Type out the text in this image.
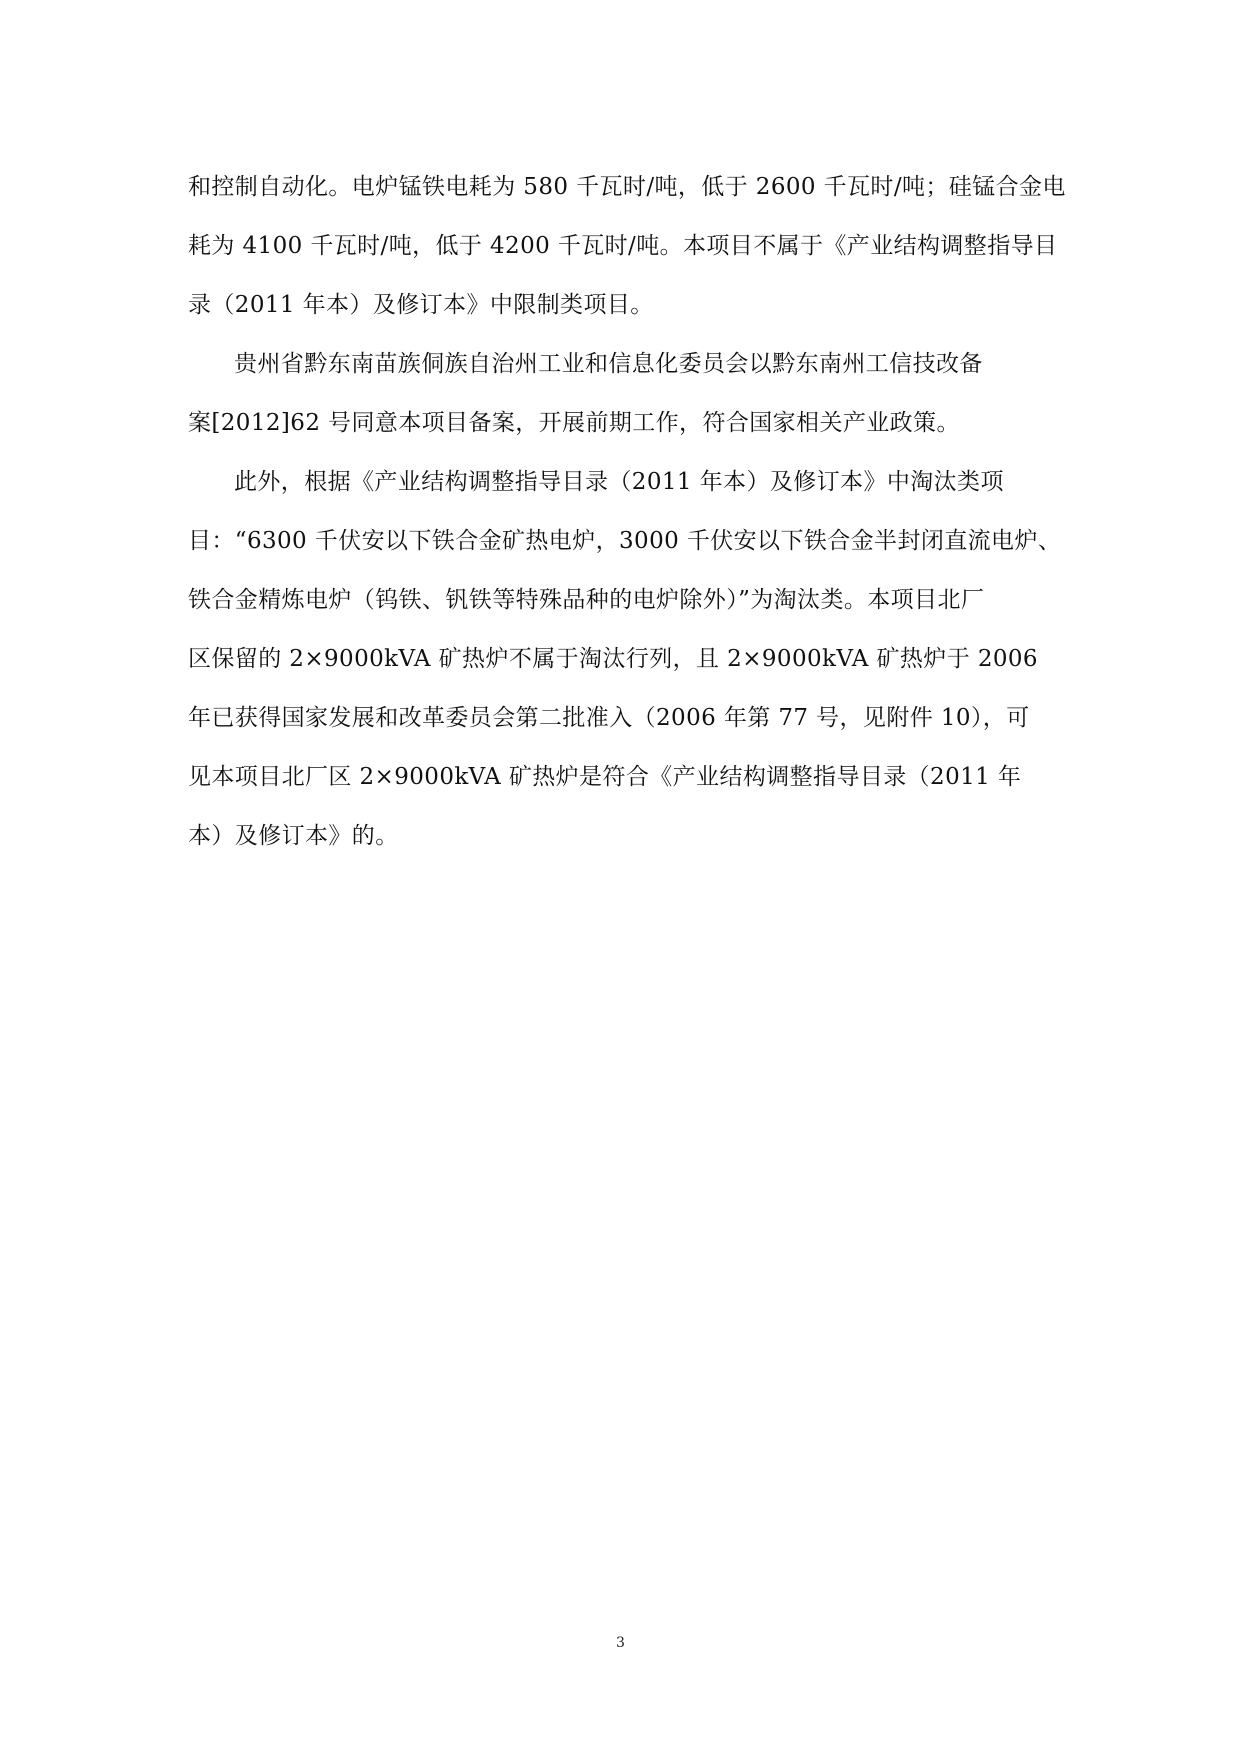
和控制自动化。电炉锰铁电耗为 580 千瓦时/吨，低于 2600 千瓦时/吨；硅锰合金电
耗为 4100 千瓦时/吨，低于 4200 千瓦时/吨。本项目不属于《产业结构调整指导目
录（2011 年本）及修订本》中限制类项目。

贵州省黔东南苗族侗族自治州工业和信息化委员会以黔东南州工信技改备
案[2012]62 号同意本项目备案，开展前期工作，符合国家相关产业政策。

此外，根据《产业结构调整指导目录（2011 年本）及修订本》中淘汰类项
目：“6300 千伏安以下铁合金矿热电炉，3000 千伏安以下铁合金半封闭直流电炉、
铁合金精炼电炉（钨铁、钒铁等特殊品种的电炉除外）”为淘汰类。本项目北厂
区保留的 2×9000kVA 矿热炉不属于淘汰行列，且 2×9000kVA 矿热炉于 2006
年已获得国家发展和改革委员会第二批准入（2006 年第 77 号，见附件 10），可
见本项目北厂区 2×9000kVA 矿热炉是符合《产业结构调整指导目录（2011 年
本）及修订本》的。

3
